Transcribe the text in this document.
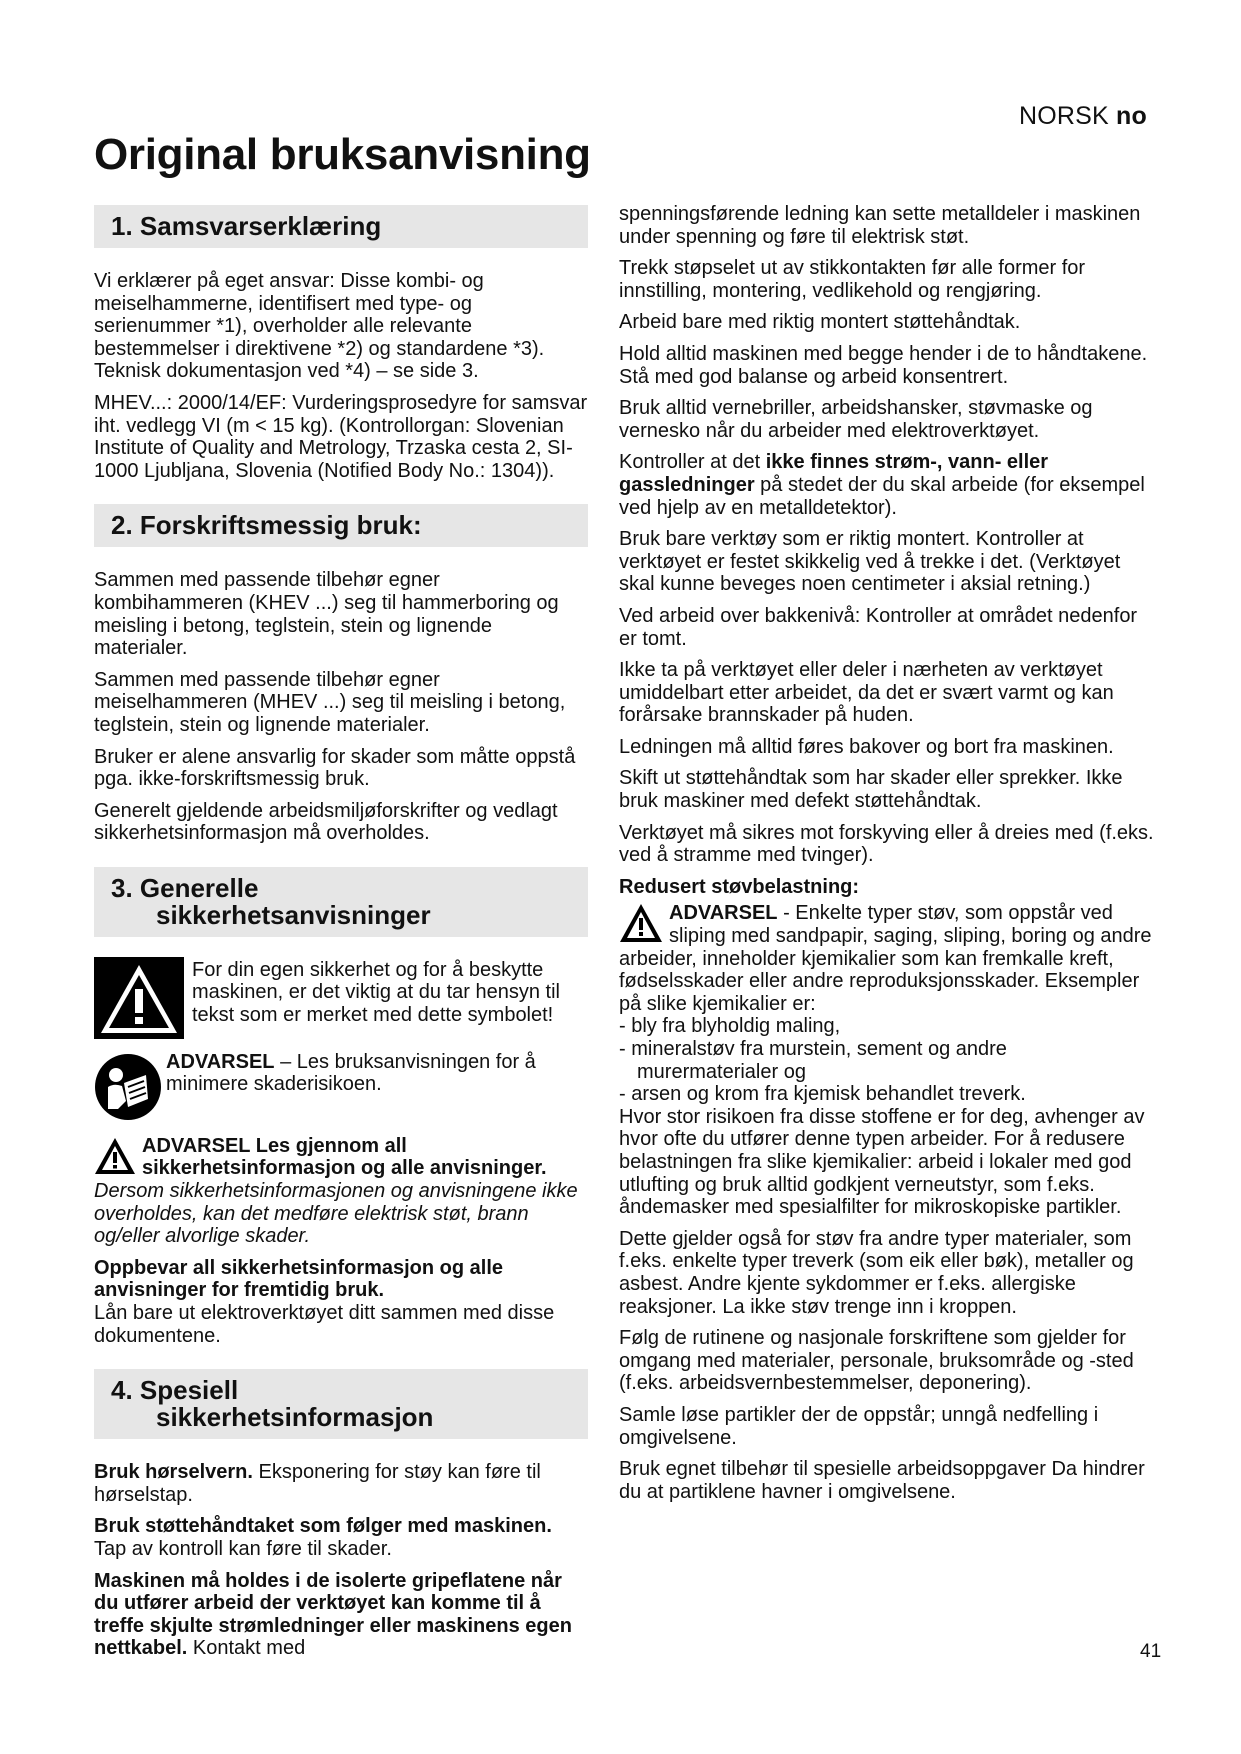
NORSK no
Original bruksanvisning
1. Samsvarserklæring

Vi erklærer på eget ansvar: Disse kombi- og meiselhammerne, identifisert med type- og serienummer *1), overholder alle relevante bestemmelser i direktivene *2) og standardene *3). Teknisk dokumentasjon ved *4) – se side 3.

MHEV...: 2000/14/EF: Vurderingsprosedyre for samsvar iht. vedlegg VI (m < 15 kg). (Kontrollorgan: Slovenian Institute of Quality and Metrology, Trzaska cesta 2, SI-1000 Ljubljana, Slovenia (Notified Body No.: 1304)).

2. Forskriftsmessig bruk:

Sammen med passende tilbehør egner kombihammeren (KHEV ...) seg til hammerboring og meisling i betong, teglstein, stein og lignende materialer.

Sammen med passende tilbehør egner meiselhammeren (MHEV ...) seg til meisling i betong, teglstein, stein og lignende materialer.

Bruker er alene ansvarlig for skader som måtte oppstå pga. ikke-forskriftsmessig bruk.

Generelt gjeldende arbeidsmiljøforskrifter og vedlagt sikkerhetsinformasjon må overholdes.

3. Generelle
sikkerhetsanvisninger
For din egen sikkerhet og for å beskytte maskinen, er det viktig at du tar hensyn til tekst som er merket med dette symbolet!
ADVARSEL – Les bruksanvisningen for å minimere skaderisikoen.

ADVARSEL Les gjennom all sikkerhetsinformasjon og alle anvisninger. Dersom sikkerhetsinformasjonen og anvisningene ikke overholdes, kan det medføre elektrisk støt, brann og/eller alvorlige skader.

Oppbevar all sikkerhetsinformasjon og alle anvisninger for fremtidig bruk.
Lån bare ut elektroverktøyet ditt sammen med disse dokumentene.

4. Spesiell
sikkerhetsinformasjon

Bruk hørselvern. Eksponering for støy kan føre til hørselstap.

Bruk støttehåndtaket som følger med maskinen. Tap av kontroll kan føre til skader.

Maskinen må holdes i de isolerte gripeflatene når du utfører arbeid der verktøyet kan komme til å treffe skjulte strømledninger eller maskinens egen nettkabel. Kontakt med

spenningsførende ledning kan sette metalldeler i maskinen under spenning og føre til elektrisk støt.

Trekk støpselet ut av stikkontakten før alle former for innstilling, montering, vedlikehold og rengjøring.

Arbeid bare med riktig montert støttehåndtak.

Hold alltid maskinen med begge hender i de to håndtakene. Stå med god balanse og arbeid konsentrert.

Bruk alltid vernebriller, arbeidshansker, støvmaske og vernesko når du arbeider med elektroverktøyet.

Kontroller at det ikke finnes strøm-, vann- eller gassledninger på stedet der du skal arbeide (for eksempel ved hjelp av en metalldetektor).

Bruk bare verktøy som er riktig montert. Kontroller at verktøyet er festet skikkelig ved å trekke i det. (Verktøyet skal kunne beveges noen centimeter i aksial retning.)

Ved arbeid over bakkenivå: Kontroller at området nedenfor er tomt.

Ikke ta på verktøyet eller deler i nærheten av verktøyet umiddelbart etter arbeidet, da det er svært varmt og kan forårsake brannskader på huden.

Ledningen må alltid føres bakover og bort fra maskinen.

Skift ut støttehåndtak som har skader eller sprekker. Ikke bruk maskiner med defekt støttehåndtak.

Verktøyet må sikres mot forskyving eller å dreies med (f.eks. ved å stramme med tvinger).

Redusert støvbelastning:

ADVARSEL - Enkelte typer støv, som oppstår ved sliping med sandpapir, saging, sliping, boring og andre arbeider, inneholder kjemikalier som kan fremkalle kreft, fødselsskader eller andre reproduksjonsskader. Eksempler på slike kjemikalier er:
- bly fra blyholdig maling,
- mineralstøv fra murstein, sement og andre
murermaterialer og
- arsen og krom fra kjemisk behandlet treverk.
Hvor stor risikoen fra disse stoffene er for deg, avhenger av hvor ofte du utfører denne typen arbeider. For å redusere belastningen fra slike kjemikalier: arbeid i lokaler med god utlufting og bruk alltid godkjent verneutstyr, som f.eks. åndemasker med spesialfilter for mikroskopiske partikler.

Dette gjelder også for støv fra andre typer materialer, som f.eks. enkelte typer treverk (som eik eller bøk), metaller og asbest. Andre kjente sykdommer er f.eks. allergiske reaksjoner. La ikke støv trenge inn i kroppen.

Følg de rutinene og nasjonale forskriftene som gjelder for omgang med materialer, personale, bruksområde og -sted (f.eks. arbeidsvernbestemmelser, deponering).

Samle løse partikler der de oppstår; unngå nedfelling i omgivelsene.

Bruk egnet tilbehør til spesielle arbeidsoppgaver Da hindrer du at partiklene havner i omgivelsene.

41
